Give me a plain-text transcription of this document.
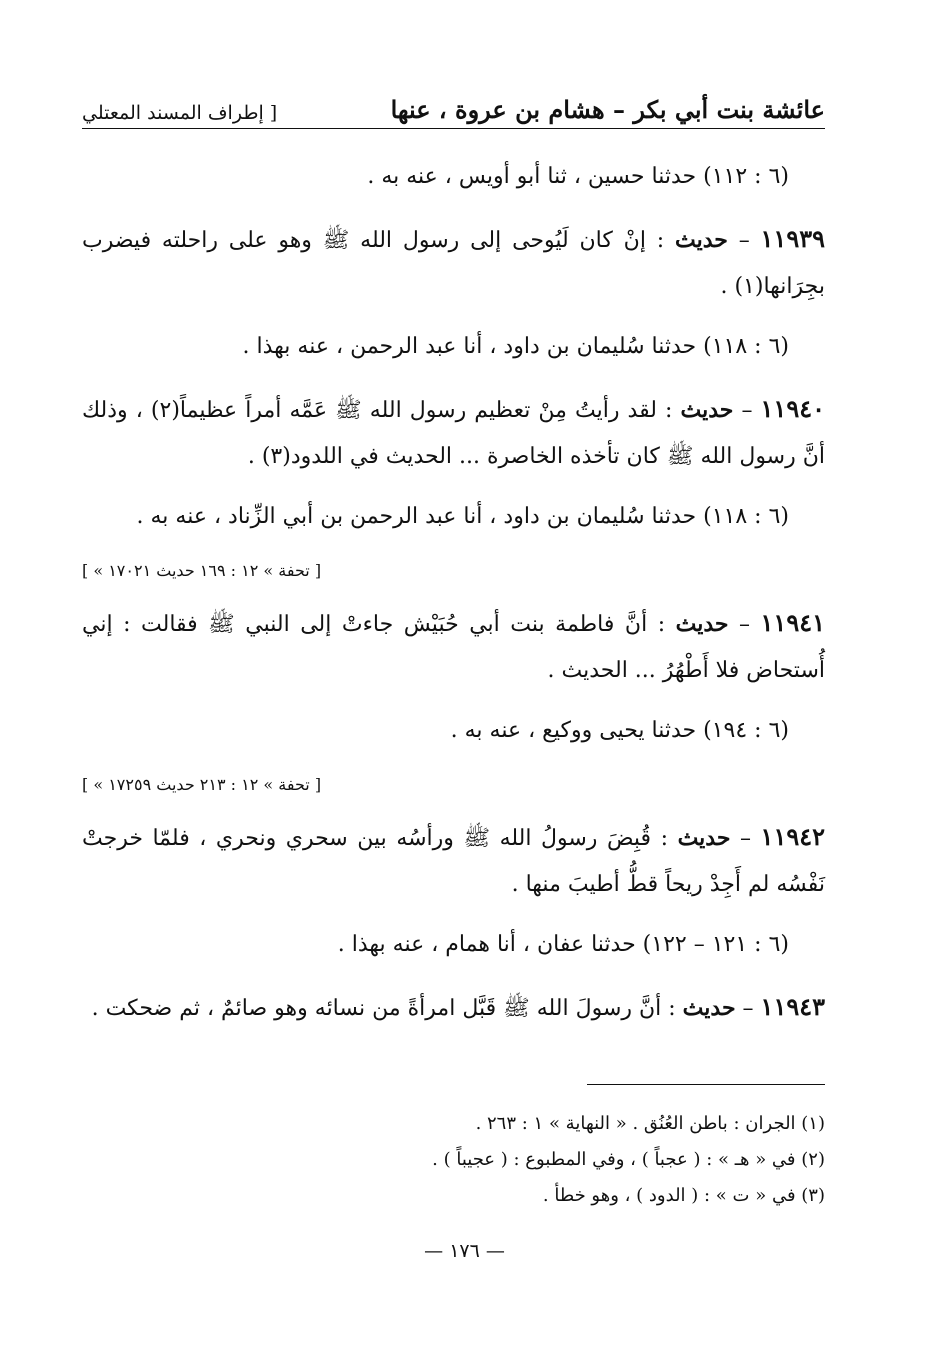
عائشة بنت أبي بكر – هشام بن عروة ، عنها
[ إطراف المسند المعتلي

(٦ : ١١٢) حدثنا حسين ، ثنا أبو أويس ، عنه به .

١١٩٣٩ – حديث : إنْ كان لَيُوحى إلى رسول الله ﷺ وهو على راحلته فيضرب بجِرَانها(١) .

(٦ : ١١٨) حدثنا سُليمان بن داود ، أنا عبد الرحمن ، عنه بهذا .

١١٩٤٠ – حديث : لقد رأيتُ مِنْ تعظيم رسول الله ﷺ عَمَّه أمراً عظيماً(٢) ، وذلك أنَّ رسول الله ﷺ كان تأخذه الخاصرة ... الحديث في اللدود(٣) .

(٦ : ١١٨) حدثنا سُليمان بن داود ، أنا عبد الرحمن بن أبي الزِّناد ، عنه به .

[ « تحفة » ١٢ : ١٦٩ حديث ١٧٠٢١ ]

١١٩٤١ – حديث : أنَّ فاطمة بنت أبي حُبَيْش جاءتْ إلى النبي ﷺ فقالت : إني أُستحاض فلا أَطْهُرُ ... الحديث .

(٦ : ١٩٤) حدثنا يحيى ووكيع ، عنه به .

[ « تحفة » ١٢ : ٢١٣ حديث ١٧٢٥٩ ]

١١٩٤٢ – حديث : قُبِضَ رسولُ الله ﷺ ورأسُه بين سحري ونحري ، فلمّا خرجتْ نَفْسُه لم أَجِدْ ريحاً قطُّ أطيبَ منها .

(٦ : ١٢١ – ١٢٢) حدثنا عفان ، أنا همام ، عنه بهذا .

١١٩٤٣ – حديث : أنَّ رسولَ الله ﷺ قَبَّل امرأةً من نسائه وهو صائمٌ ، ثم ضحكت .

(١) الجران : باطن العُنُق . « النهاية » ١ : ٢٦٣ .
(٢) في « هـ » : ( عجباً ) ، وفي المطبوع : ( عجيباً ) .
(٣) في « ت » : ( الدود ) ، وهو خطأ .
— ١٧٦ —
